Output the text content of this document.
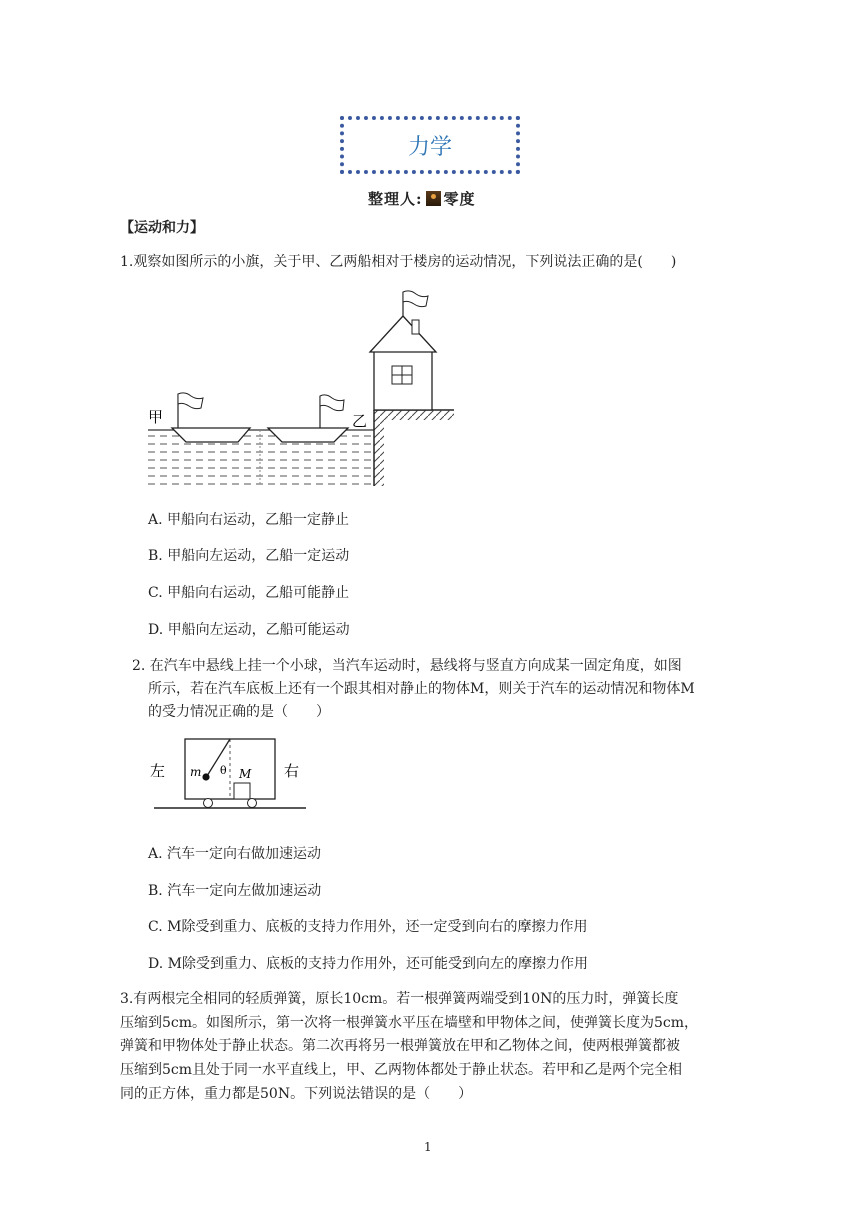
力学
整理人: 零度
【运动和力】
1.观察如图所示的小旗，关于甲、乙两船相对于楼房的运动情况，下列说法正确的是(　　)
甲	乙
A. 甲船向右运动，乙船一定静止
B. 甲船向左运动，乙船一定运动
C. 甲船向右运动，乙船可能静止
D. 甲船向左运动，乙船可能运动
2. 在汽车中悬线上挂一个小球，当汽车运动时，悬线将与竖直方向成某一固定角度，如图
所示，若在汽车底板上还有一个跟其相对静止的物体M，则关于汽车的运动情况和物体M
的受力情况正确的是（　　）
左	右
m θ M
A. 汽车一定向右做加速运动
B. 汽车一定向左做加速运动
C. M除受到重力、底板的支持力作用外，还一定受到向右的摩擦力作用
D. M除受到重力、底板的支持力作用外，还可能受到向左的摩擦力作用
3.有两根完全相同的轻质弹簧，原长10cm。若一根弹簧两端受到10N的压力时，弹簧长度
压缩到5cm。如图所示，第一次将一根弹簧水平压在墙壁和甲物体之间，使弹簧长度为5cm，
弹簧和甲物体处于静止状态。第二次再将另一根弹簧放在甲和乙物体之间，使两根弹簧都被
压缩到5cm且处于同一水平直线上，甲、乙两物体都处于静止状态。若甲和乙是两个完全相
同的正方体，重力都是50N。下列说法错误的是（　　）
1
